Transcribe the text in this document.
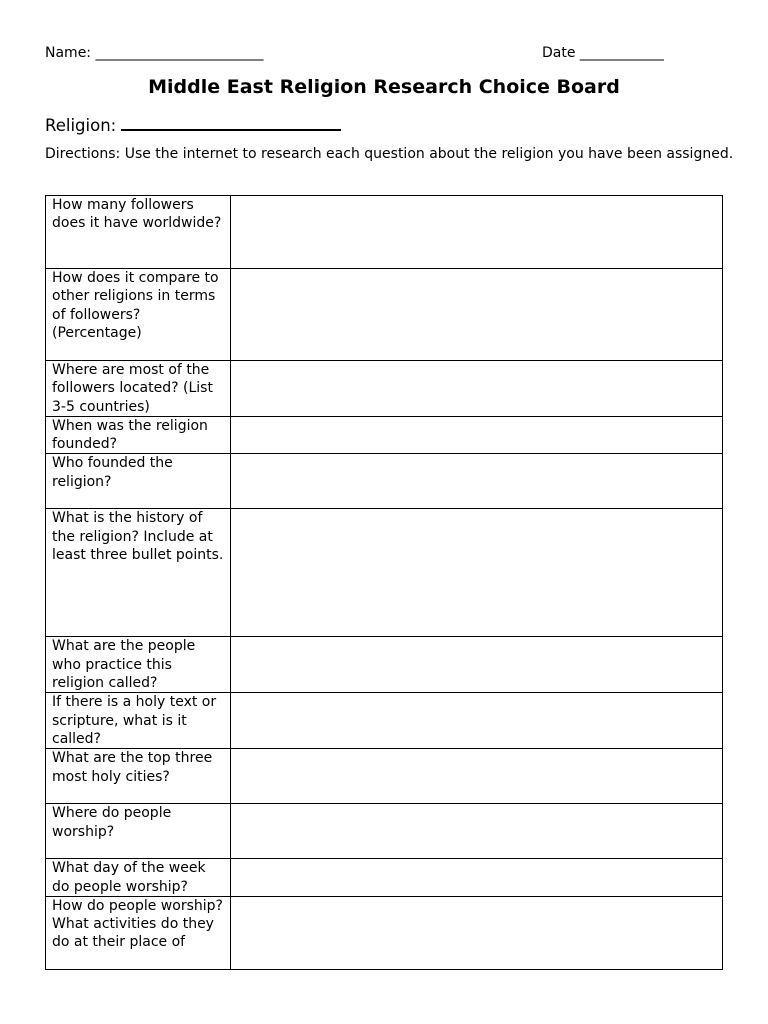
Name: ________________________	Date ____________
Middle East Religion Research Choice Board
Religion:
Directions: Use the internet to research each question about the religion you have been assigned.
How many followers does it have worldwide?	

How does it compare to other religions in terms of followers? (Percentage)	

Where are most of the followers located? (List 3-5 countries)	

When was the religion founded?	

Who founded the religion?	

What is the history of the religion? Include at least three bullet points.	

What are the people who practice this religion called?	

If there is a holy text or scripture, what is it called?	

What are the top three most holy cities?	

Where do people worship?	

What day of the week do people worship?	

How do people worship? What activities do they do at their place of	
